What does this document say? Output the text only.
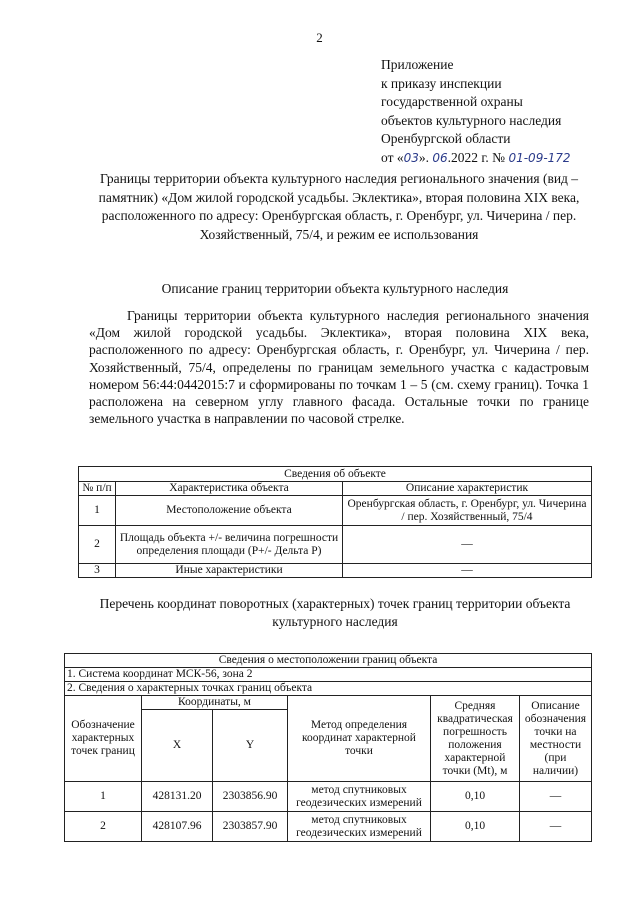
2
Приложение
к приказу инспекции
государственной охраны
объектов культурного наследия
Оренбургской области
от «03». 06.2022 г. № 01-09-172
Границы территории объекта культурного наследия регионального значения (вид – памятник) «Дом жилой городской усадьбы. Эклектика», вторая половина XIX века, расположенного по адресу: Оренбургская область, г. Оренбург, ул. Чичерина / пер. Хозяйственный, 75/4, и режим ее использования
Описание границ территории объекта культурного наследия
Границы территории объекта культурного наследия регионального значения «Дом жилой городской усадьбы. Эклектика», вторая половина XIX века, расположенного по адресу: Оренбургская область, г. Оренбург, ул. Чичерина / пер. Хозяйственный, 75/4, определены по границам земельного участка с кадастровым номером 56:44:0442015:7 и сформированы по точкам 1 – 5 (см. схему границ). Точка 1 расположена на северном углу главного фасада. Остальные точки по границе земельного участка в направлении по часовой стрелке.
Сведения об объекте		
№ п/п	Характеристика объекта	Описание характеристик
1	Местоположение объекта	Оренбургская область, г. Оренбург, ул. Чичерина / пер. Хозяйственный, 75/4
2	Площадь объекта +/- величина погрешности определения площади (Р+/- Дельта Р)	—
3	Иные характеристики	—
Перечень координат поворотных (характерных) точек границ территории объекта культурного наследия
Сведения о местоположении границ объекта					
1. Система координат МСК-56, зона 2					
2. Сведения о характерных точках границ объекта					
Обозначение характерных точек границ	Координаты, м		Метод определения координат характерной точки	Средняя квадратическая погрешность положения характерной точки (Mt), м	Описание обозначения точки на местности (при наличии)
	X	Y			
1	428131.20	2303856.90	метод спутниковых геодезических измерений	0,10	—
2	428107.96	2303857.90	метод спутниковых геодезических измерений	0,10	—
